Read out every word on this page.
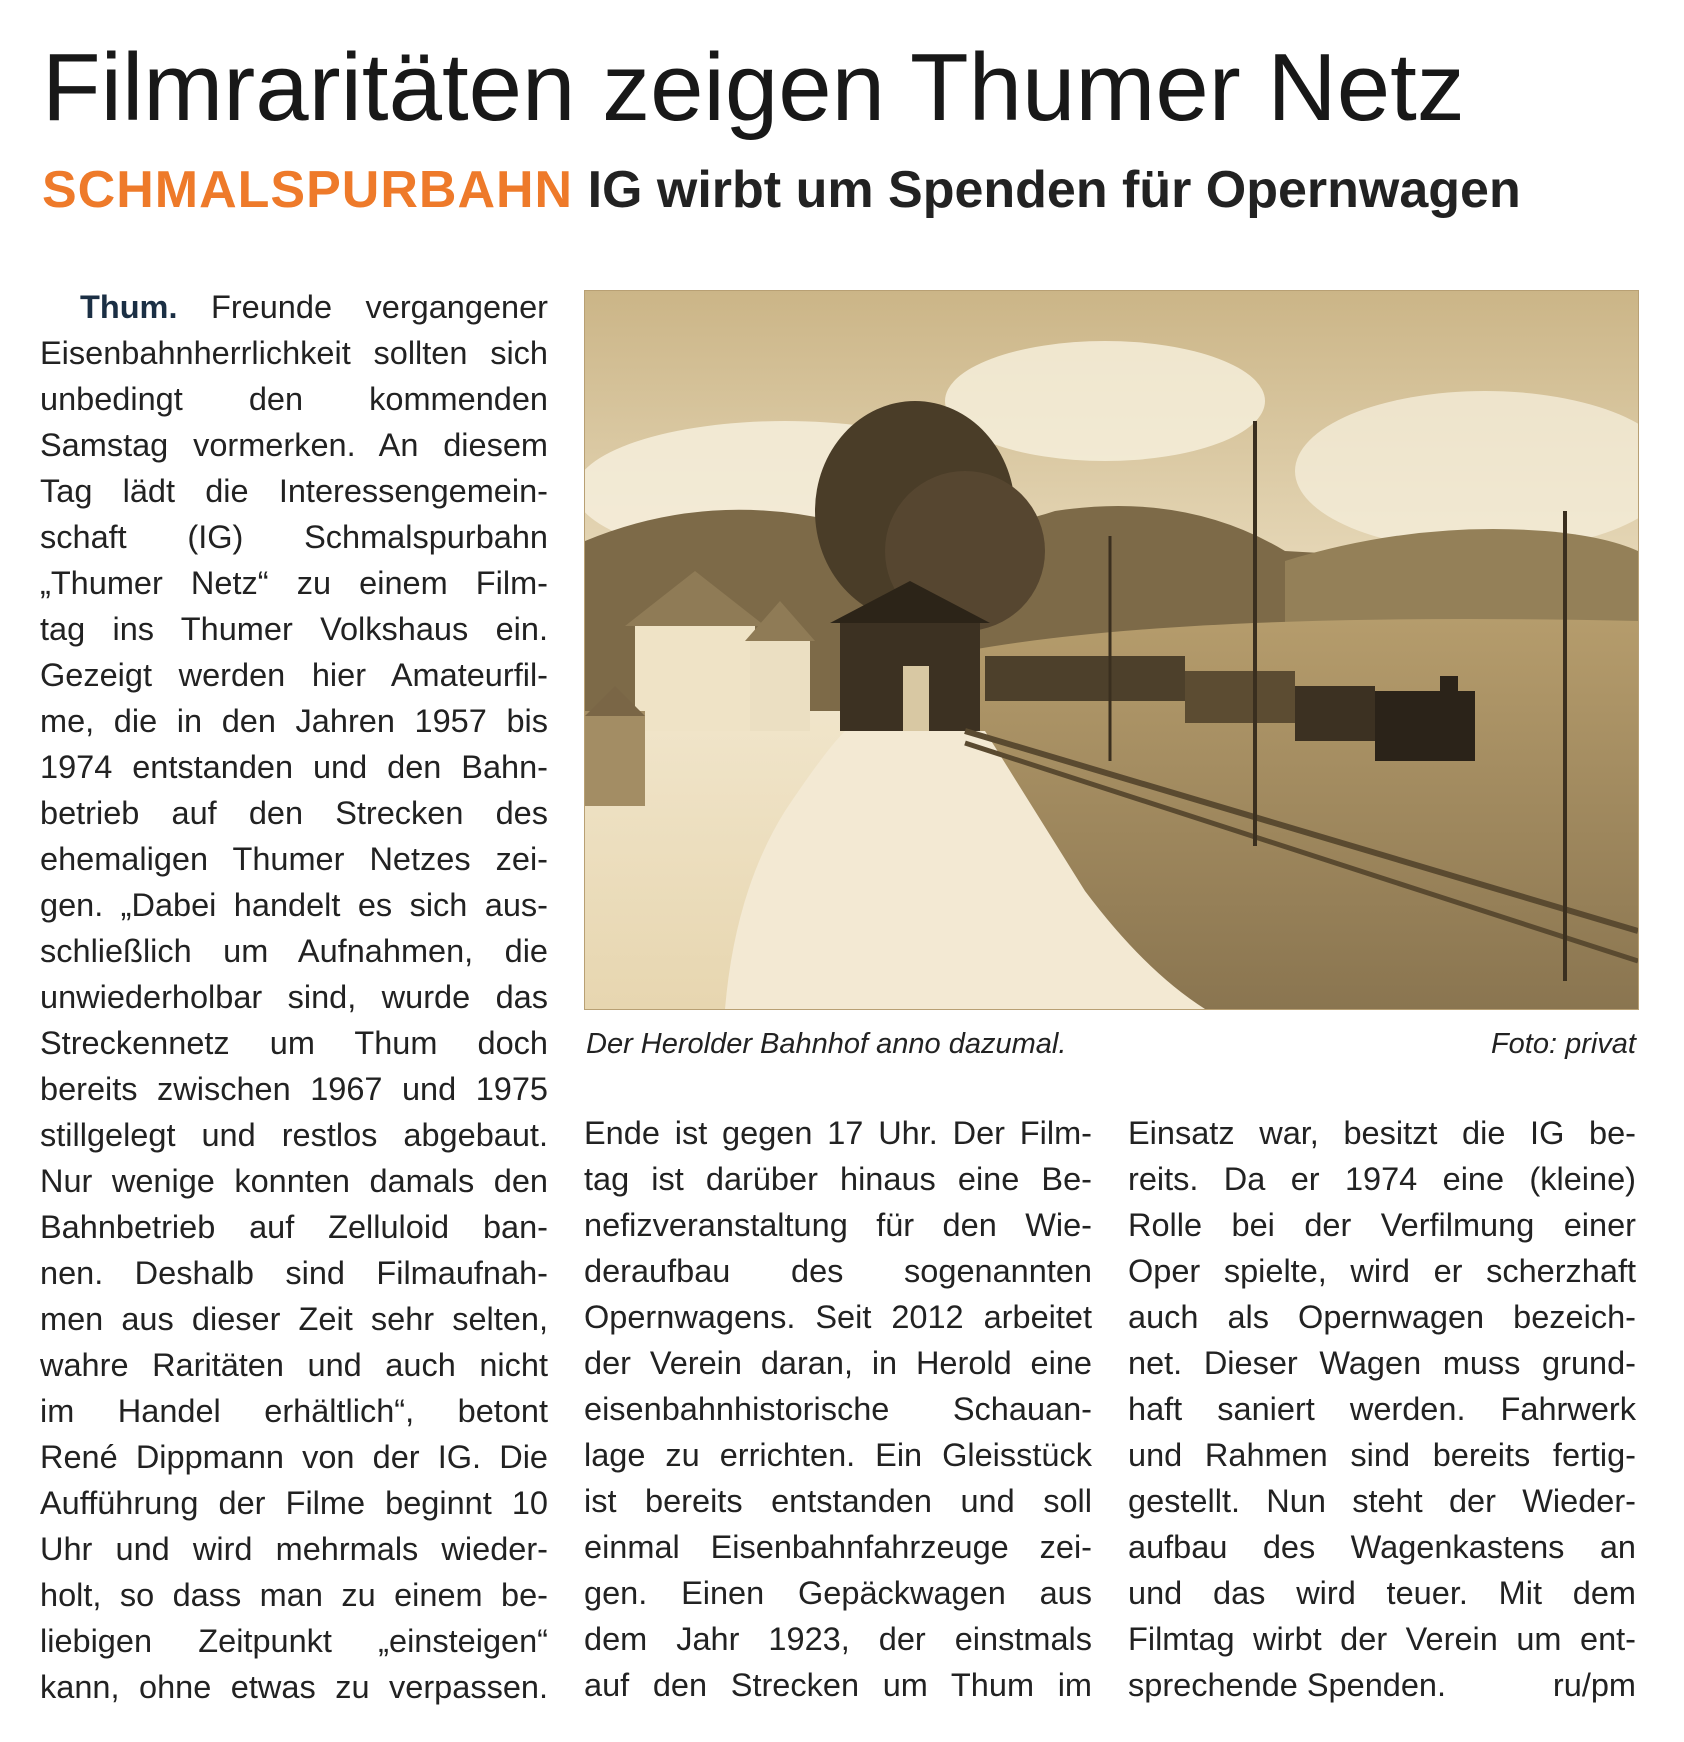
Filmraritäten zeigen Thumer Netz
SCHMALSPURBAHN IG wirbt um Spenden für Opernwagen
Thum. Freunde vergangener
Eisenbahnherrlichkeit sollten sich
unbedingt den kommenden
Samstag vormerken. An diesem
Tag lädt die Interessengemein-
schaft (IG) Schmalspurbahn
„Thumer Netz“ zu einem Film-
tag ins Thumer Volkshaus ein.
Gezeigt werden hier Amateurfil-
me, die in den Jahren 1957 bis
1974 entstanden und den Bahn-
betrieb auf den Strecken des
ehemaligen Thumer Netzes zei-
gen. „Dabei handelt es sich aus-
schließlich um Aufnahmen, die
unwiederholbar sind, wurde das
Streckennetz um Thum doch
bereits zwischen 1967 und 1975
stillgelegt und restlos abgebaut.
Nur wenige konnten damals den
Bahnbetrieb auf Zelluloid ban-
nen. Deshalb sind Filmaufnah-
men aus dieser Zeit sehr selten,
wahre Raritäten und auch nicht
im Handel erhältlich“, betont
René Dippmann von der IG. Die
Aufführung der Filme beginnt 10
Uhr und wird mehrmals wieder-
holt, so dass man zu einem be-
liebigen Zeitpunkt „einsteigen“
kann, ohne etwas zu verpassen.
Der Herolder Bahnhof anno dazumal.	Foto: privat
Ende ist gegen 17 Uhr. Der Film-
tag ist darüber hinaus eine Be-
nefizveranstaltung für den Wie-
deraufbau des sogenannten
Opernwagens. Seit 2012 arbeitet
der Verein daran, in Herold eine
eisenbahnhistorische Schauan-
lage zu errichten. Ein Gleisstück
ist bereits entstanden und soll
einmal Eisenbahnfahrzeuge zei-
gen. Einen Gepäckwagen aus
dem Jahr 1923, der einstmals
auf den Strecken um Thum im
Einsatz war, besitzt die IG be-
reits. Da er 1974 eine (kleine)
Rolle bei der Verfilmung einer
Oper spielte, wird er scherzhaft
auch als Opernwagen bezeich-
net. Dieser Wagen muss grund-
haft saniert werden. Fahrwerk
und Rahmen sind bereits fertig-
gestellt. Nun steht der Wieder-
aufbau des Wagenkastens an
und das wird teuer. Mit dem
Filmtag wirbt der Verein um ent-
sprechende Spenden.	ru/pm
